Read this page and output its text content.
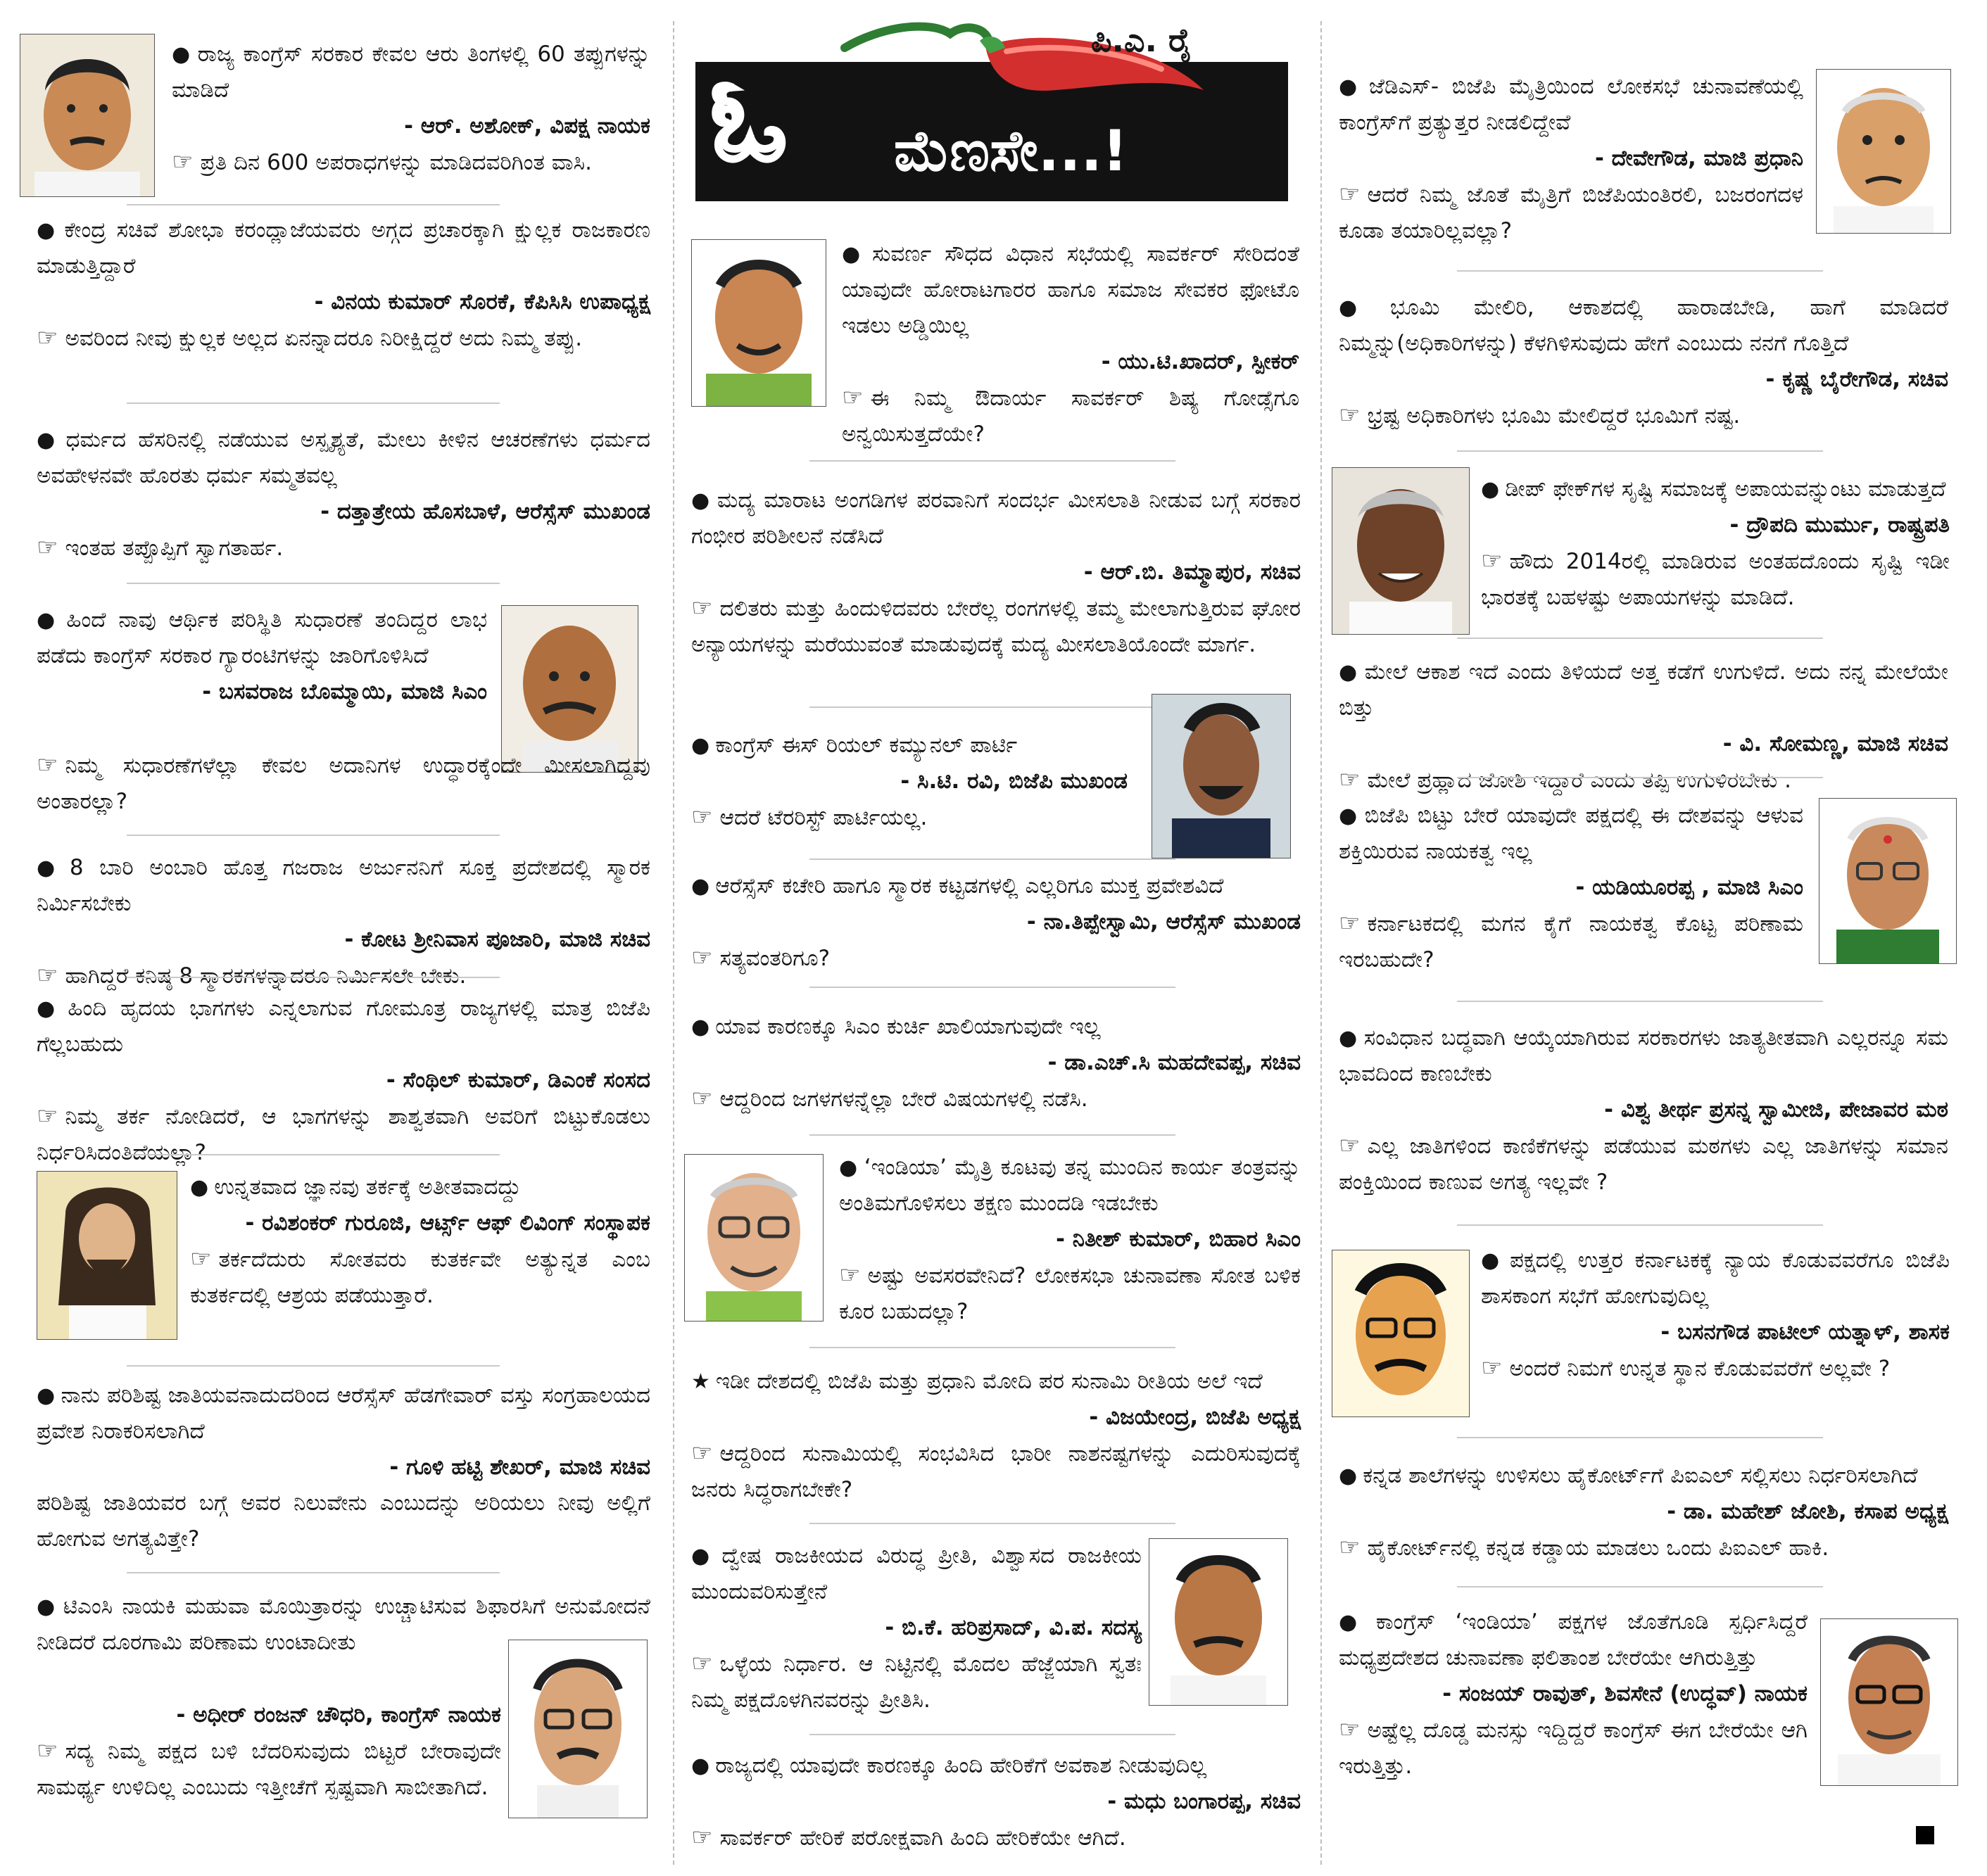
ಓ ಮೆಣಸೇ...!
ಪಿ.ಎ. ರೈ

● ರಾಜ್ಯ ಕಾಂಗ್ರೆಸ್ ಸರಕಾರ ಕೇವಲ ಆರು ತಿಂಗಳಲ್ಲಿ 60 ತಪ್ಪುಗಳನ್ನು ಮಾಡಿದೆ

- ಆರ್. ಅಶೋಕ್, ವಿಪಕ್ಷ ನಾಯಕ

☞ ಪ್ರತಿ ದಿನ 600 ಅಪರಾಧಗಳನ್ನು ಮಾಡಿದವರಿಗಿಂತ ವಾಸಿ.

● ಕೇಂದ್ರ ಸಚಿವೆ ಶೋಭಾ ಕರಂದ್ಲಾಜೆಯವರು ಅಗ್ಗದ ಪ್ರಚಾರಕ್ಕಾಗಿ ಕ್ಷುಲ್ಲಕ ರಾಜಕಾರಣ ಮಾಡುತ್ತಿದ್ದಾರೆ

- ವಿನಯ ಕುಮಾರ್ ಸೊರಕೆ, ಕೆಪಿಸಿಸಿ ಉಪಾಧ್ಯಕ್ಷ

☞ ಅವರಿಂದ ನೀವು ಕ್ಷುಲ್ಲಕ ಅಲ್ಲದ ಏನನ್ನಾದರೂ ನಿರೀಕ್ಷಿದ್ದರೆ ಅದು ನಿಮ್ಮ ತಪ್ಪು.

● ಧರ್ಮದ ಹೆಸರಿನಲ್ಲಿ ನಡೆಯುವ ಅಸ್ಪೃಶ್ಯತೆ, ಮೇಲು ಕೀಳಿನ ಆಚರಣೆಗಳು ಧರ್ಮದ ಅವಹೇಳನವೇ ಹೊರತು ಧರ್ಮ ಸಮ್ಮತವಲ್ಲ

- ದತ್ತಾತ್ರೇಯ ಹೊಸಬಾಳೆ, ಆರೆಸ್ಸೆಸ್ ಮುಖಂಡ

☞ ಇಂತಹ ತಪ್ಪೊಪ್ಪಿಗೆ ಸ್ವಾಗತಾರ್ಹ.

● ಹಿಂದೆ ನಾವು ಆರ್ಥಿಕ ಪರಿಸ್ಥಿತಿ ಸುಧಾರಣೆ ತಂದಿದ್ದರ ಲಾಭ ಪಡೆದು ಕಾಂಗ್ರೆಸ್ ಸರಕಾರ ಗ್ಯಾರಂಟಿಗಳನ್ನು ಜಾರಿಗೊಳಿಸಿದೆ

- ಬಸವರಾಜ ಬೊಮ್ಮಾಯಿ, ಮಾಜಿ ಸಿಎಂ

☞ ನಿಮ್ಮ ಸುಧಾರಣೆಗಳೆಲ್ಲಾ ಕೇವಲ ಅದಾನಿಗಳ ಉದ್ಧಾರಕ್ಕೆಂದೇ ಮೀಸಲಾಗಿದ್ದವು ಅಂತಾರಲ್ಲಾ?

● 8 ಬಾರಿ ಅಂಬಾರಿ ಹೊತ್ತ ಗಜರಾಜ ಅರ್ಜುನನಿಗೆ ಸೂಕ್ತ ಪ್ರದೇಶದಲ್ಲಿ ಸ್ಮಾರಕ ನಿರ್ಮಿಸಬೇಕು

- ಕೋಟ ಶ್ರೀನಿವಾಸ ಪೂಜಾರಿ, ಮಾಜಿ ಸಚಿವ

☞ ಹಾಗಿದ್ದರೆ ಕನಿಷ್ಠ 8 ಸ್ಮಾರಕಗಳನ್ನಾದರೂ ನಿರ್ಮಿಸಲೇ ಬೇಕು.

● ಹಿಂದಿ ಹೃದಯ ಭಾಗಗಳು ಎನ್ನಲಾಗುವ ಗೋಮೂತ್ರ ರಾಜ್ಯಗಳಲ್ಲಿ ಮಾತ್ರ ಬಿಜೆಪಿ ಗೆಲ್ಲಬಹುದು

- ಸೆಂಥಿಲ್ ಕುಮಾರ್, ಡಿಎಂಕೆ ಸಂಸದ

☞ ನಿಮ್ಮ ತರ್ಕ ನೋಡಿದರೆ, ಆ ಭಾಗಗಳನ್ನು ಶಾಶ್ವತವಾಗಿ ಅವರಿಗೆ ಬಿಟ್ಟುಕೊಡಲು ನಿರ್ಧರಿಸಿದಂತಿದೆಯಲ್ಲಾ?

● ಉನ್ನತವಾದ ಜ್ಞಾನವು ತರ್ಕಕ್ಕೆ ಅತೀತವಾದದ್ದು

- ರವಿಶಂಕರ್ ಗುರೂಜಿ, ಆರ್ಟ್ಸ್ ಆಫ್ ಲಿವಿಂಗ್ ಸಂಸ್ಥಾಪಕ

☞ ತರ್ಕದೆದುರು ಸೋತವರು ಕುತರ್ಕವೇ ಅತ್ಯುನ್ನತ ಎಂಬ ಕುತರ್ಕದಲ್ಲಿ ಆಶ್ರಯ ಪಡೆಯುತ್ತಾರೆ.

● ನಾನು ಪರಿಶಿಷ್ಟ ಜಾತಿಯವನಾದುದರಿಂದ ಆರೆಸ್ಸೆಸ್ ಹೆಡಗೇವಾರ್ ವಸ್ತು ಸಂಗ್ರಹಾಲಯದ ಪ್ರವೇಶ ನಿರಾಕರಿಸಲಾಗಿದೆ

- ಗೂಳಿ ಹಟ್ಟಿ ಶೇಖರ್, ಮಾಜಿ ಸಚಿವ

ಪರಿಶಿಷ್ಟ ಜಾತಿಯವರ ಬಗ್ಗೆ ಅವರ ನಿಲುವೇನು ಎಂಬುದನ್ನು ಅರಿಯಲು ನೀವು ಅಲ್ಲಿಗೆ ಹೋಗುವ ಅಗತ್ಯವಿತ್ತೇ?

● ಟಿಎಂಸಿ ನಾಯಕಿ ಮಹುವಾ ಮೊಯಿತ್ರಾರನ್ನು ಉಚ್ಚಾಟಿಸುವ ಶಿಫಾರಸಿಗೆ ಅನುಮೋದನೆ ನೀಡಿದರೆ ದೂರಗಾಮಿ ಪರಿಣಾಮ ಉಂಟಾದೀತು

- ಅಧೀರ್ ರಂಜನ್ ಚೌಧರಿ, ಕಾಂಗ್ರೆಸ್ ನಾಯಕ

☞ ಸದ್ಯ ನಿಮ್ಮ ಪಕ್ಷದ ಬಳಿ ಬೆದರಿಸುವುದು ಬಿಟ್ಟರೆ ಬೇರಾವುದೇ ಸಾಮರ್ಥ್ಯ ಉಳಿದಿಲ್ಲ ಎಂಬುದು ಇತ್ತೀಚೆಗೆ ಸ್ಪಷ್ಟವಾಗಿ ಸಾಬೀತಾಗಿದೆ.

● ಸುವರ್ಣ ಸೌಧದ ವಿಧಾನ ಸಭೆಯಲ್ಲಿ ಸಾವರ್ಕರ್ ಸೇರಿದಂತೆ ಯಾವುದೇ ಹೋರಾಟಗಾರರ ಹಾಗೂ ಸಮಾಜ ಸೇವಕರ ಫೋಟೊ ಇಡಲು ಅಡ್ಡಿಯಿಲ್ಲ

- ಯು.ಟಿ.ಖಾದರ್, ಸ್ಪೀಕರ್

☞ ಈ ನಿಮ್ಮ ಔದಾರ್ಯ ಸಾವರ್ಕರ್ ಶಿಷ್ಯ ಗೋಡ್ಸೆಗೂ ಅನ್ವಯಿಸುತ್ತದೆಯೇ?

● ಮದ್ಯ ಮಾರಾಟ ಅಂಗಡಿಗಳ ಪರವಾನಿಗೆ ಸಂದರ್ಭ ಮೀಸಲಾತಿ ನೀಡುವ ಬಗ್ಗೆ ಸರಕಾರ ಗಂಭೀರ ಪರಿಶೀಲನೆ ನಡೆಸಿದೆ

- ಆರ್.ಬಿ. ತಿಮ್ಮಾಪುರ, ಸಚಿವ

☞ ದಲಿತರು ಮತ್ತು ಹಿಂದುಳಿದವರು ಬೇರೆಲ್ಲ ರಂಗಗಳಲ್ಲಿ ತಮ್ಮ ಮೇಲಾಗುತ್ತಿರುವ ಘೋರ ಅನ್ಯಾಯಗಳನ್ನು ಮರೆಯುವಂತೆ ಮಾಡುವುದಕ್ಕೆ ಮದ್ಯ ಮೀಸಲಾತಿಯೊಂದೇ ಮಾರ್ಗ.

● ಕಾಂಗ್ರೆಸ್ ಈಸ್ ರಿಯಲ್ ಕಮ್ಯುನಲ್ ಪಾರ್ಟಿ

- ಸಿ.ಟಿ. ರವಿ, ಬಿಜೆಪಿ ಮುಖಂಡ

☞ ಆದರೆ ಟೆರರಿಸ್ಟ್ ಪಾರ್ಟಿಯಲ್ಲ.

● ಆರೆಸ್ಸೆಸ್ ಕಚೇರಿ ಹಾಗೂ ಸ್ಮಾರಕ ಕಟ್ಟಡಗಳಲ್ಲಿ ಎಲ್ಲರಿಗೂ ಮುಕ್ತ ಪ್ರವೇಶವಿದೆ

- ನಾ.ತಿಪ್ಪೇಸ್ವಾಮಿ, ಆರೆಸ್ಸೆಸ್ ಮುಖಂಡ

☞ ಸತ್ಯವಂತರಿಗೂ?

● ಯಾವ ಕಾರಣಕ್ಕೂ ಸಿಎಂ ಕುರ್ಚಿ ಖಾಲಿಯಾಗುವುದೇ ಇಲ್ಲ

- ಡಾ.ಎಚ್.ಸಿ ಮಹದೇವಪ್ಪ, ಸಚಿವ

☞ ಆದ್ದರಿಂದ ಜಗಳಗಳನ್ನೆಲ್ಲಾ ಬೇರೆ ವಿಷಯಗಳಲ್ಲಿ ನಡೆಸಿ.

● ‘ಇಂಡಿಯಾ’ ಮೈತ್ರಿ ಕೂಟವು ತನ್ನ ಮುಂದಿನ ಕಾರ್ಯ ತಂತ್ರವನ್ನು ಅಂತಿಮಗೊಳಿಸಲು ತಕ್ಷಣ ಮುಂದಡಿ ಇಡಬೇಕು

- ನಿತೀಶ್ ಕುಮಾರ್, ಬಿಹಾರ ಸಿಎಂ

☞ ಅಷ್ಟು ಅವಸರವೇನಿದೆ? ಲೋಕಸಭಾ ಚುನಾವಣಾ ಸೋತ ಬಳಿಕ ಕೂರ ಬಹುದಲ್ಲಾ?

★ ಇಡೀ ದೇಶದಲ್ಲಿ ಬಿಜೆಪಿ ಮತ್ತು ಪ್ರಧಾನಿ ಮೋದಿ ಪರ ಸುನಾಮಿ ರೀತಿಯ ಅಲೆ ಇದೆ

- ವಿಜಯೇಂದ್ರ, ಬಿಜೆಪಿ ಅಧ್ಯಕ್ಷ

☞ ಆದ್ದರಿಂದ ಸುನಾಮಿಯಲ್ಲಿ ಸಂಭವಿಸಿದ ಭಾರೀ ನಾಶನಷ್ಟಗಳನ್ನು ಎದುರಿಸುವುದಕ್ಕೆ ಜನರು ಸಿದ್ಧರಾಗಬೇಕೇ?

● ದ್ವೇಷ ರಾಜಕೀಯದ ವಿರುದ್ಧ ಪ್ರೀತಿ, ವಿಶ್ವಾಸದ ರಾಜಕೀಯ ಮುಂದುವರಿಸುತ್ತೇನೆ

- ಬಿ.ಕೆ. ಹರಿಪ್ರಸಾದ್, ವಿ.ಪ. ಸದಸ್ಯ

☞ ಒಳ್ಳೆಯ ನಿರ್ಧಾರ. ಆ ನಿಟ್ಟಿನಲ್ಲಿ ಮೊದಲ ಹೆಜ್ಜೆಯಾಗಿ ಸ್ವತಃ ನಿಮ್ಮ ಪಕ್ಷದೊಳಗಿನವರನ್ನು ಪ್ರೀತಿಸಿ.

● ರಾಜ್ಯದಲ್ಲಿ ಯಾವುದೇ ಕಾರಣಕ್ಕೂ ಹಿಂದಿ ಹೇರಿಕೆಗೆ ಅವಕಾಶ ನೀಡುವುದಿಲ್ಲ

- ಮಧು ಬಂಗಾರಪ್ಪ, ಸಚಿವ

☞ ಸಾವರ್ಕರ್ ಹೇರಿಕೆ ಪರೋಕ್ಷವಾಗಿ ಹಿಂದಿ ಹೇರಿಕೆಯೇ ಆಗಿದೆ.

● ಜೆಡಿಎಸ್- ಬಿಜೆಪಿ ಮೈತ್ರಿಯಿಂದ ಲೋಕಸಭೆ ಚುನಾವಣೆಯಲ್ಲಿ ಕಾಂಗ್ರೆಸ್‌ಗೆ ಪ್ರತ್ಯುತ್ತರ ನೀಡಲಿದ್ದೇವೆ

- ದೇವೇಗೌಡ, ಮಾಜಿ ಪ್ರಧಾನಿ

☞ ಆದರೆ ನಿಮ್ಮ ಜೊತೆ ಮೈತ್ರಿಗೆ ಬಿಜೆಪಿಯಂತಿರಲಿ, ಬಜರಂಗದಳ ಕೂಡಾ ತಯಾರಿಲ್ಲವಲ್ಲಾ?

● ಭೂಮಿ ಮೇಲಿರಿ, ಆಕಾಶದಲ್ಲಿ ಹಾರಾಡಬೇಡಿ, ಹಾಗೆ ಮಾಡಿದರೆ ನಿಮ್ಮನ್ನು(ಅಧಿಕಾರಿಗಳನ್ನು) ಕೆಳಗಿಳಿಸುವುದು ಹೇಗೆ ಎಂಬುದು ನನಗೆ ಗೊತ್ತಿದೆ

- ಕೃಷ್ಣ ಬೈರೇಗೌಡ, ಸಚಿವ

☞ ಭ್ರಷ್ಟ ಅಧಿಕಾರಿಗಳು ಭೂಮಿ ಮೇಲಿದ್ದರೆ ಭೂಮಿಗೆ ನಷ್ಟ.

● ಡೀಪ್ ಫೇಕ್‌ಗಳ ಸೃಷ್ಟಿ ಸಮಾಜಕ್ಕೆ ಅಪಾಯವನ್ನುಂಟು ಮಾಡುತ್ತದೆ

- ದ್ರೌಪದಿ ಮುರ್ಮು, ರಾಷ್ಟ್ರಪತಿ

☞ ಹೌದು 2014ರಲ್ಲಿ ಮಾಡಿರುವ ಅಂತಹದೊಂದು ಸೃಷ್ಟಿ ಇಡೀ ಭಾರತಕ್ಕೆ ಬಹಳಷ್ಟು ಅಪಾಯಗಳನ್ನು ಮಾಡಿದೆ.

● ಮೇಲೆ ಆಕಾಶ ಇದೆ ಎಂದು ತಿಳಿಯದೆ ಅತ್ತ ಕಡೆಗೆ ಉಗುಳಿದೆ. ಅದು ನನ್ನ ಮೇಲೆಯೇ ಬಿತ್ತು

- ವಿ. ಸೋಮಣ್ಣ, ಮಾಜಿ ಸಚಿವ

☞ ಮೇಲೆ ಪ್ರಹ್ಲಾದ ಜೋಶಿ ಇದ್ದಾರೆ ಎಂದು ತಪ್ಪಿ ಉಗುಳಿರಬೇಕು .

● ಬಿಜೆಪಿ ಬಿಟ್ಟು ಬೇರೆ ಯಾವುದೇ ಪಕ್ಷದಲ್ಲಿ ಈ ದೇಶವನ್ನು ಆಳುವ ಶಕ್ತಿಯಿರುವ ನಾಯಕತ್ವ ಇಲ್ಲ

- ಯಡಿಯೂರಪ್ಪ , ಮಾಜಿ ಸಿಎಂ

☞ ಕರ್ನಾಟಕದಲ್ಲಿ ಮಗನ ಕೈಗೆ ನಾಯಕತ್ವ ಕೊಟ್ಟ ಪರಿಣಾಮ ಇರಬಹುದೇ?

● ಸಂವಿಧಾನ ಬದ್ಧವಾಗಿ ಆಯ್ಕೆಯಾಗಿರುವ ಸರಕಾರಗಳು ಜಾತ್ಯತೀತವಾಗಿ ಎಲ್ಲರನ್ನೂ ಸಮ ಭಾವದಿಂದ ಕಾಣಬೇಕು

- ವಿಶ್ವ ತೀರ್ಥ ಪ್ರಸನ್ನ ಸ್ವಾಮೀಜಿ, ಪೇಜಾವರ ಮಠ

☞ ಎಲ್ಲ ಜಾತಿಗಳಿಂದ ಕಾಣಿಕೆಗಳನ್ನು ಪಡೆಯುವ ಮಠಗಳು ಎಲ್ಲ ಜಾತಿಗಳನ್ನು ಸಮಾನ ಪಂಕ್ತಿಯಿಂದ ಕಾಣುವ ಅಗತ್ಯ ಇಲ್ಲವೇ ?

● ಪಕ್ಷದಲ್ಲಿ ಉತ್ತರ ಕರ್ನಾಟಕಕ್ಕೆ ನ್ಯಾಯ ಕೊಡುವವರೆಗೂ ಬಿಜೆಪಿ ಶಾಸಕಾಂಗ ಸಭೆಗೆ ಹೋಗುವುದಿಲ್ಲ

- ಬಸನಗೌಡ ಪಾಟೀಲ್ ಯತ್ನಾಳ್, ಶಾಸಕ

☞ ಅಂದರೆ ನಿಮಗೆ ಉನ್ನತ ಸ್ಥಾನ ಕೊಡುವವರೆಗೆ ಅಲ್ಲವೇ ?

● ಕನ್ನಡ ಶಾಲೆಗಳನ್ನು ಉಳಿಸಲು ಹೈಕೋರ್ಟ್‌ಗೆ ಪಿಐಎಲ್ ಸಲ್ಲಿಸಲು ನಿರ್ಧರಿಸಲಾಗಿದೆ

- ಡಾ. ಮಹೇಶ್ ಜೋಶಿ, ಕಸಾಪ ಅಧ್ಯಕ್ಷ

☞ ಹೈಕೋರ್ಟ್‌ನಲ್ಲಿ ಕನ್ನಡ ಕಡ್ಡಾಯ ಮಾಡಲು ಒಂದು ಪಿಐಎಲ್ ಹಾಕಿ.

● ಕಾಂಗ್ರೆಸ್ ‘ಇಂಡಿಯಾ’ ಪಕ್ಷಗಳ ಜೊತೆಗೂಡಿ ಸ್ಪರ್ಧಿಸಿದ್ದರೆ ಮಧ್ಯಪ್ರದೇಶದ ಚುನಾವಣಾ ಫಲಿತಾಂಶ ಬೇರೆಯೇ ಆಗಿರುತ್ತಿತ್ತು

- ಸಂಜಯ್ ರಾವುತ್, ಶಿವಸೇನೆ (ಉದ್ಧವ್) ನಾಯಕ

☞ ಅಷ್ಟೆಲ್ಲ ದೊಡ್ಡ ಮನಸ್ಸು ಇದ್ದಿದ್ದರೆ ಕಾಂಗ್ರೆಸ್ ಈಗ ಬೇರೆಯೇ ಆಗಿ ಇರುತ್ತಿತ್ತು.
